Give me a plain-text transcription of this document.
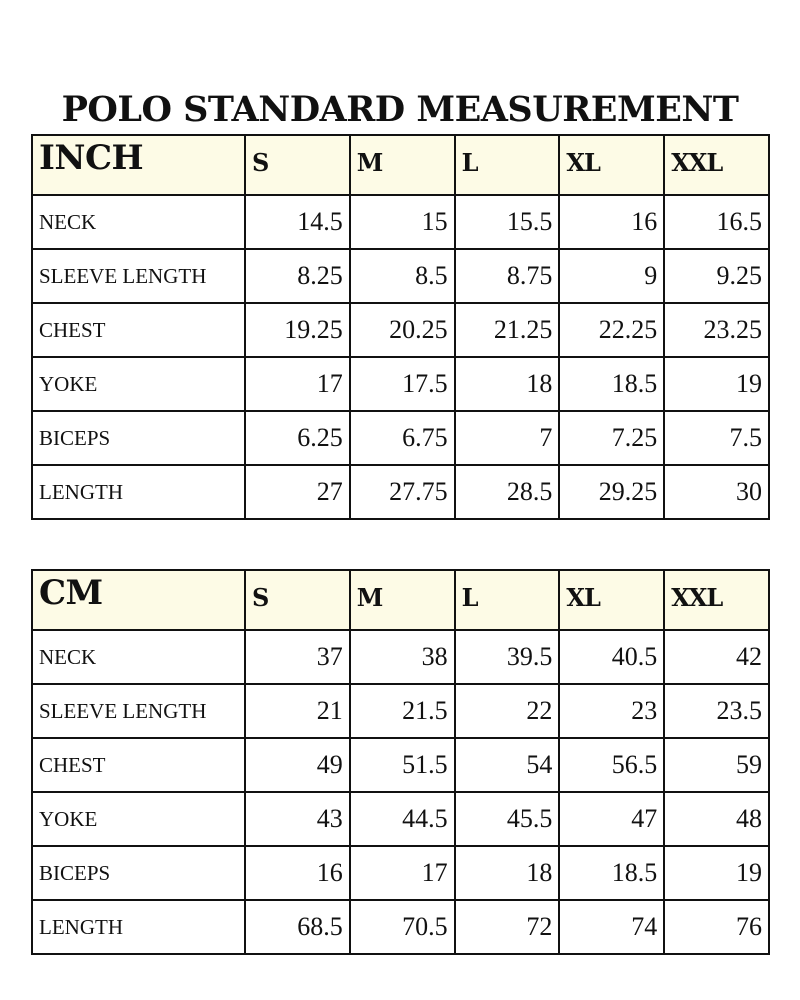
POLO STANDARD MEASUREMENT
INCH	S	M	L	XL	XXL
NECK	14.5	15	15.5	16	16.5
SLEEVE LENGTH	8.25	8.5	8.75	9	9.25
CHEST	19.25	20.25	21.25	22.25	23.25
YOKE	17	17.5	18	18.5	19
BICEPS	6.25	6.75	7	7.25	7.5
LENGTH	27	27.75	28.5	29.25	30
CM	S	M	L	XL	XXL
NECK	37	38	39.5	40.5	42
SLEEVE LENGTH	21	21.5	22	23	23.5
CHEST	49	51.5	54	56.5	59
YOKE	43	44.5	45.5	47	48
BICEPS	16	17	18	18.5	19
LENGTH	68.5	70.5	72	74	76
